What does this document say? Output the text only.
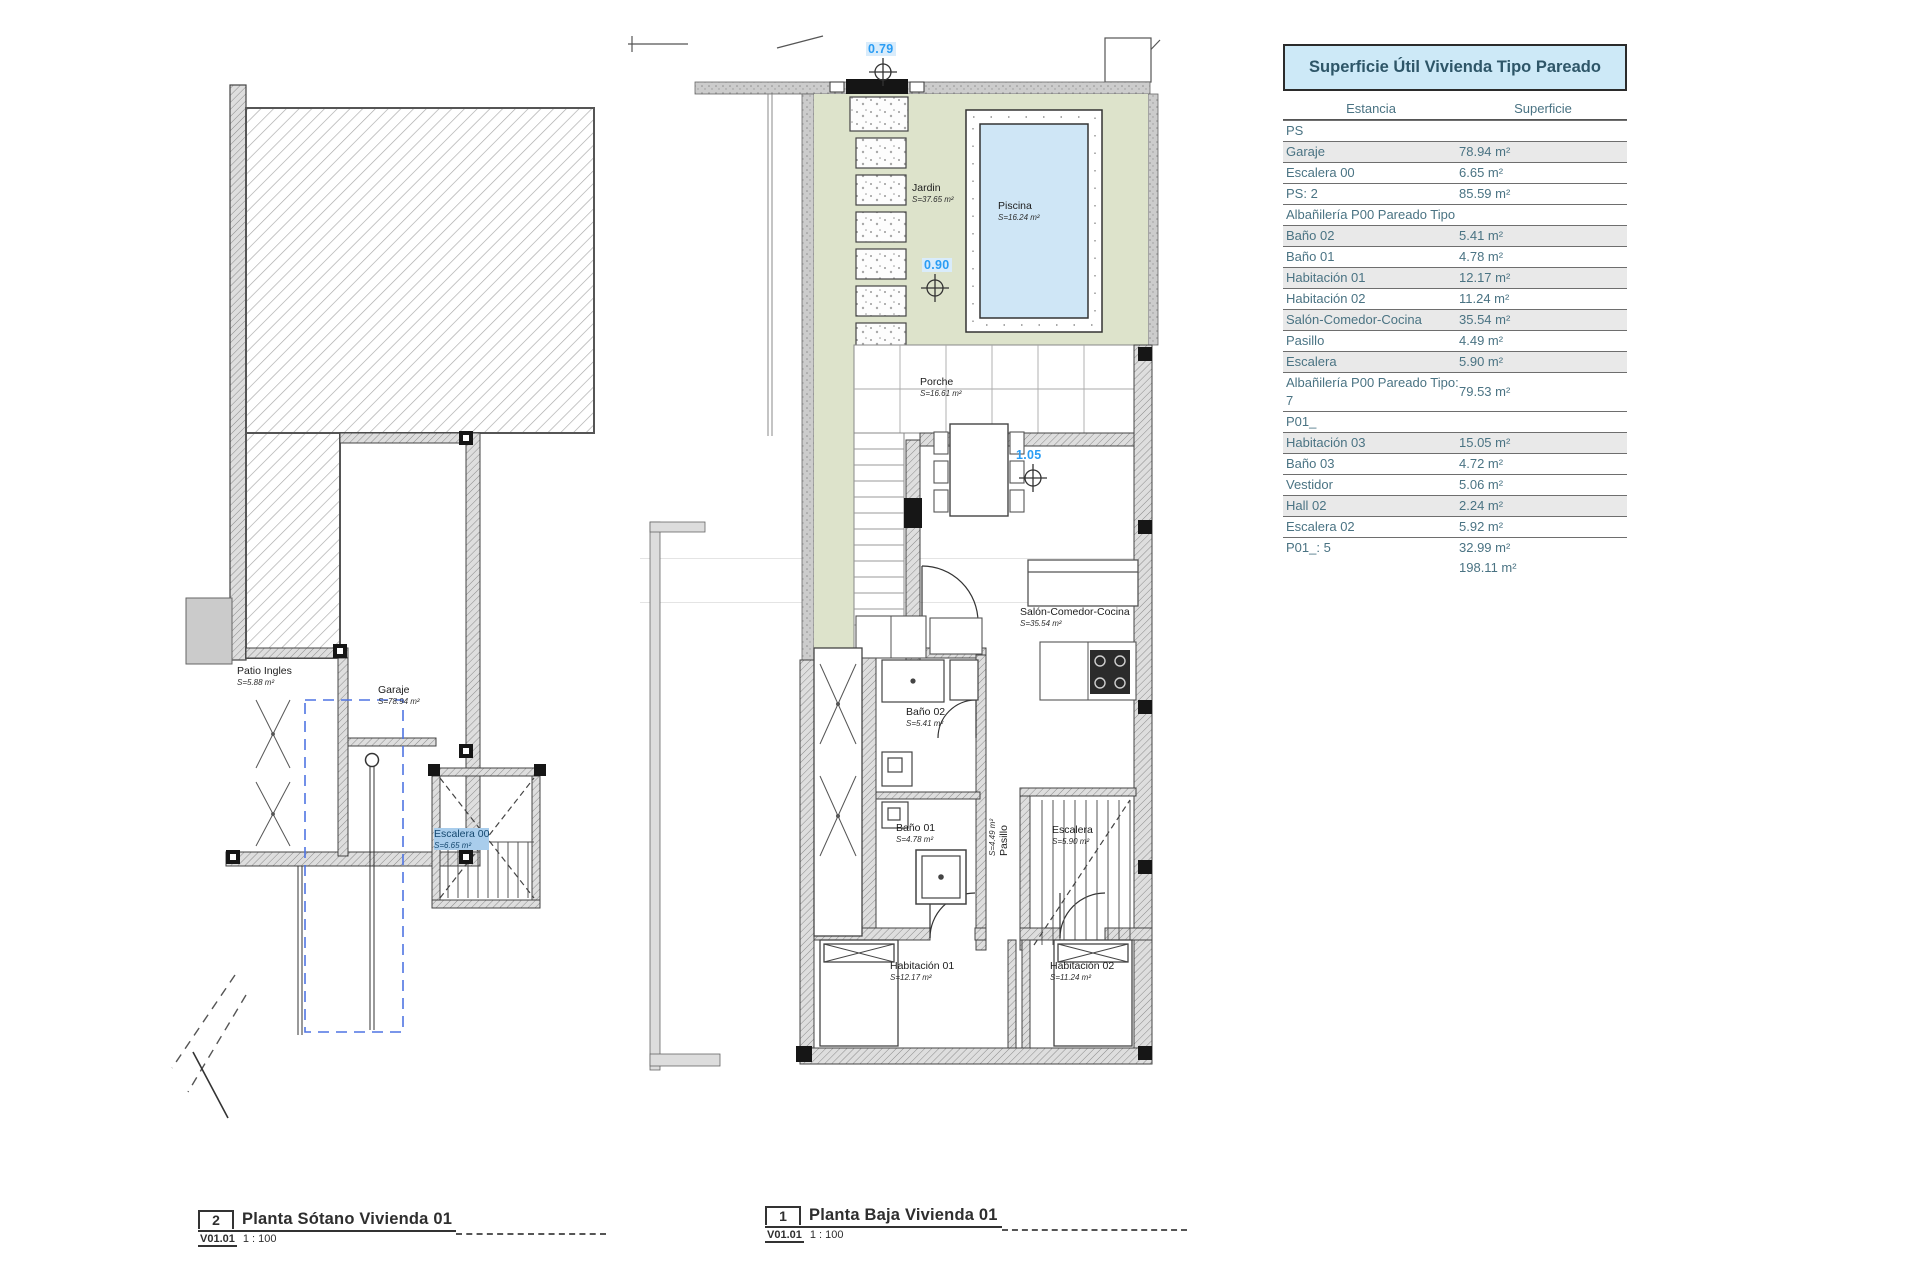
Patio Ingles
S=5.88 m²
Garaje
S=78.94 m²
Escalera 00
S=6.65 m²
0.79
0.90
1.05
Jardin
S=37.65 m²
Piscina
S=16.24 m²
Porche
S=16.61 m²
Salón-Comedor-Cocina
S=35.54 m²
Baño 02
S=5.41 m²
Baño 01
S=4.78 m²	S=4.49 m² Pasillo	Escalera
S=5.90 m²
Habitación 01
S=12.17 m²
Habitación 02
S=11.24 m²
Superficie Útil Vivienda Tipo Pareado
Estancia	Superficie
PS
Garaje	78.94 m²
Escalera 00	6.65 m²
PS: 2	85.59 m²
Albañilería P00 Pareado Tipo
Baño 02	5.41 m²
Baño 01	4.78 m²
Habitación 01	12.17 m²
Habitación 02	11.24 m²
Salón-Comedor-Cocina	35.54 m²
Pasillo	4.49 m²
Escalera	5.90 m²
Albañilería P00 Pareado Tipo: 7
79.53 m²
P01_
Habitación 03	15.05 m²
Baño 03	4.72 m²
Vestidor	5.06 m²
Hall 02	2.24 m²
Escalera 02	5.92 m²
P01_: 5	32.99 m²
198.11 m²
2	Planta Sótano Vivienda 01
V01.01 1 : 100
1	Planta Baja Vivienda 01
V01.01 1 : 100
